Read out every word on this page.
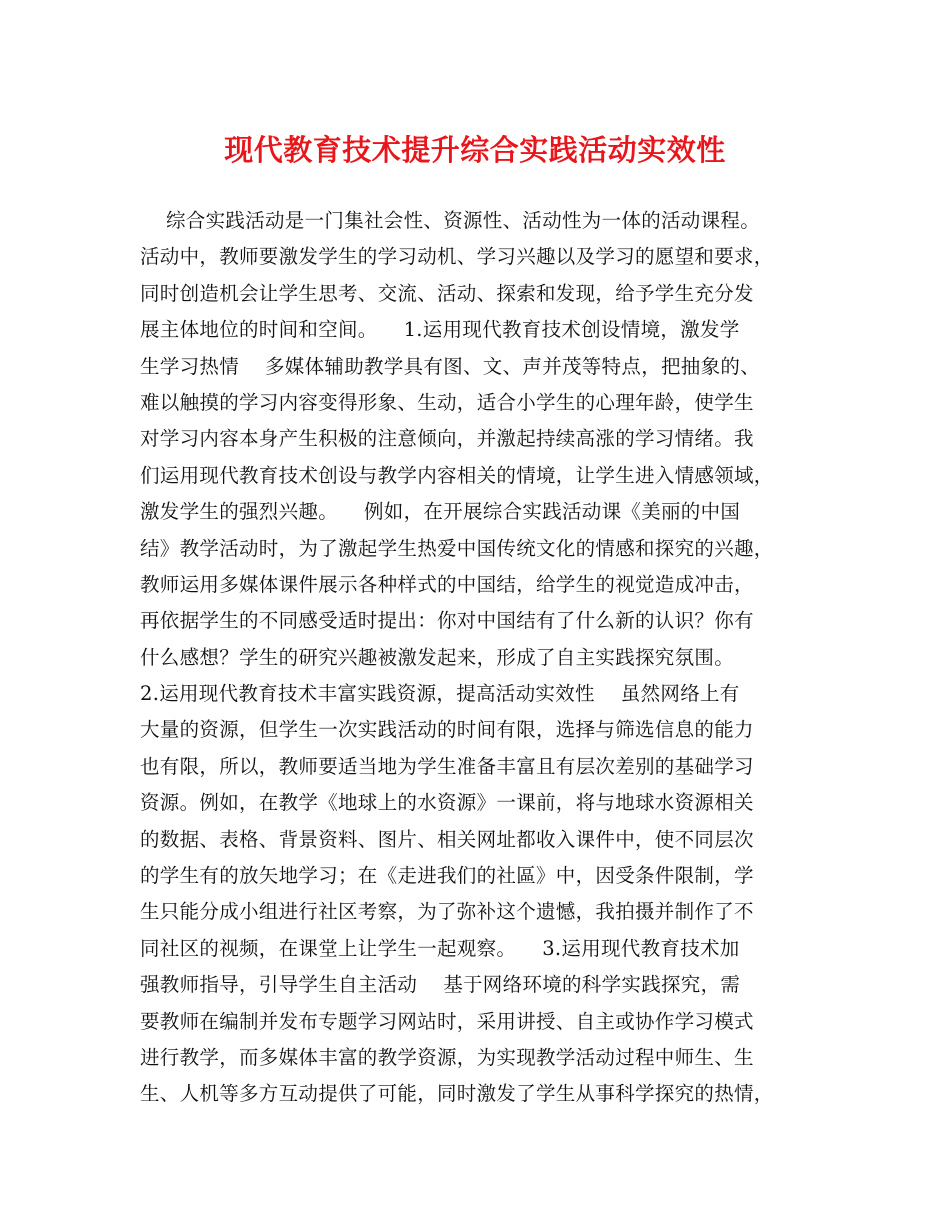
现代教育技术提升综合实践活动实效性
综合实践活动是一门集社会性、资源性、活动性为一体的活动课程。
活动中，教师要激发学生的学习动机、学习兴趣以及学习的愿望和要求，
同时创造机会让学生思考、交流、活动、探索和发现，给予学生充分发
展主体地位的时间和空间。    1.运用现代教育技术创设情境，激发学
生学习热情    多媒体辅助教学具有图、文、声并茂等特点，把抽象的、
难以触摸的学习内容变得形象、生动，适合小学生的心理年龄，使学生
对学习内容本身产生积极的注意倾向，并激起持续高涨的学习情绪。我
们运用现代教育技术创设与教学内容相关的情境，让学生进入情感领域，
激发学生的强烈兴趣。    例如，在开展综合实践活动课《美丽的中国
结》教学活动时，为了激起学生热爱中国传统文化的情感和探究的兴趣，
教师运用多媒体课件展示各种样式的中国结，给学生的视觉造成冲击，
再依据学生的不同感受适时提出：你对中国结有了什么新的认识？你有
什么感想？学生的研究兴趣被激发起来，形成了自主实践探究氛围。
2.运用现代教育技术丰富实践资源，提高活动实效性    虽然网络上有
大量的资源，但学生一次实践活动的时间有限，选择与筛选信息的能力
也有限，所以，教师要适当地为学生准备丰富且有层次差别的基础学习
资源。例如，在教学《地球上的水资源》一课前，将与地球水资源相关
的数据、表格、背景资料、图片、相关网址都收入课件中，使不同层次
的学生有的放矢地学习；在《走进我们的社區》中，因受条件限制，学
生只能分成小组进行社区考察，为了弥补这个遗憾，我拍摄并制作了不
同社区的视频，在课堂上让学生一起观察。    3.运用现代教育技术加
强教师指导，引导学生自主活动    基于网络环境的科学实践探究，需
要教师在编制并发布专题学习网站时，采用讲授、自主或协作学习模式
进行教学，而多媒体丰富的教学资源，为实现教学活动过程中师生、生
生、人机等多方互动提供了可能，同时激发了学生从事科学探究的热情，
